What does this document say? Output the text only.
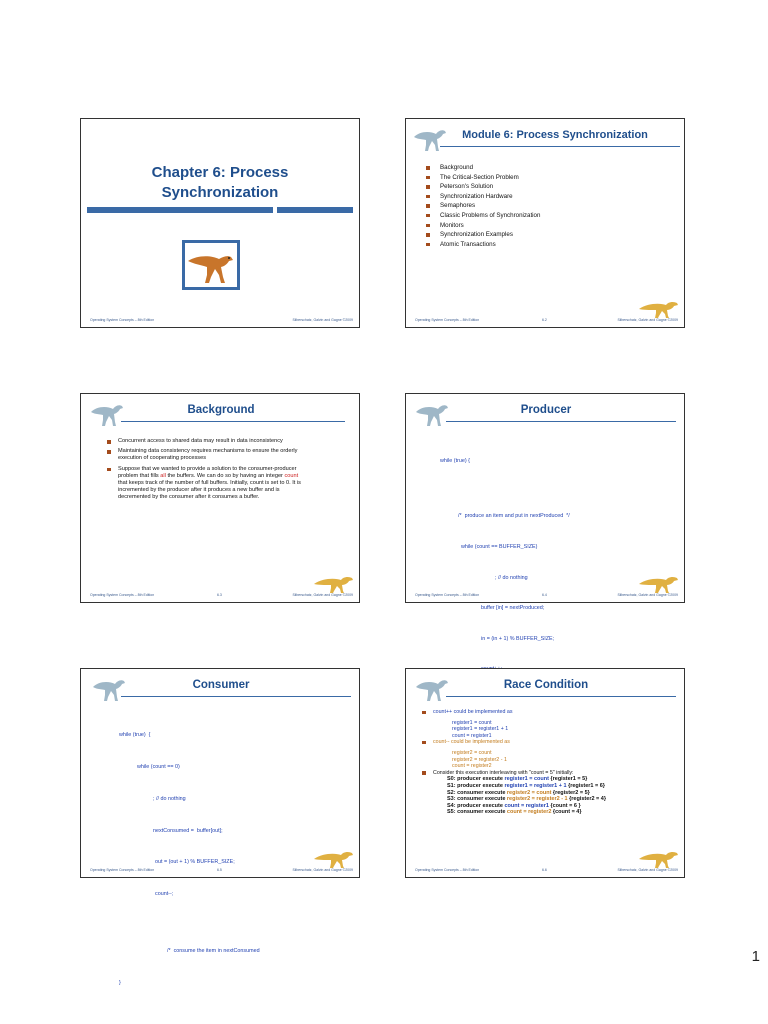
Chapter 6: Process
Synchronization
Operating System Concepts – 8th Edition	Silberschatz, Galvin and Gagne ©2009
Module 6: Process Synchronization
Background
The Critical-Section Problem
Peterson's Solution
Synchronization Hardware
Semaphores
Classic Problems of Synchronization
Monitors
Synchronization Examples
Atomic Transactions
Operating System Concepts – 8th Edition	6.2	Silberschatz, Galvin and Gagne ©2009
Background
Concurrent access to shared data may result in data inconsistency
Maintaining data consistency requires mechanisms to ensure the orderly execution of cooperating processes
Suppose that we wanted to provide a solution to the consumer-producer problem that fills all the buffers. We can do so by having an integer count that keeps track of the number of full buffers. Initially, count is set to 0. It is incremented by the producer after it produces a new buffer and is decremented by the consumer after it consumes a buffer.
Operating System Concepts – 8th Edition	6.3	Silberschatz, Galvin and Gagne ©2009
Producer

while (true) {

/*  produce an item and put in nextProduced  */

while (count == BUFFER_SIZE)

; // do nothing

buffer [in] = nextProduced;

in = (in + 1) % BUFFER_SIZE;

Operating System Concepts – 8th Edition	6.4	Silberschatz, Galvin and Gagne ©2009
Consumer

while (true)  {

while (count == 0)

; // do nothing

nextConsumed =  buffer[out];

out = (out + 1) % BUFFER_SIZE;

count--;

/*  consume the item in nextConsumed

}

Operating System Concepts – 8th Edition	6.5	Silberschatz, Galvin and Gagne ©2009
Race Condition
count++ could be implemented as
register1 = count
register1 = register1 + 1
count = register1
count-- could be implemented as
register2 = count
register2 = register2 - 1
count = register2
Consider this execution interleaving with "count = 5" initially:
S0: producer execute register1 = count {register1 = 5}
S1: producer execute register1 = register1 + 1 {register1 = 6}
S2: consumer execute register2 = count {register2 = 5}
S3: consumer execute register2 = register2 - 1 {register2 = 4}
S4: producer execute count = register1 {count = 6 }
S5: consumer execute count = register2 {count = 4}
Operating System Concepts – 8th Edition	6.6	Silberschatz, Galvin and Gagne ©2009
1
